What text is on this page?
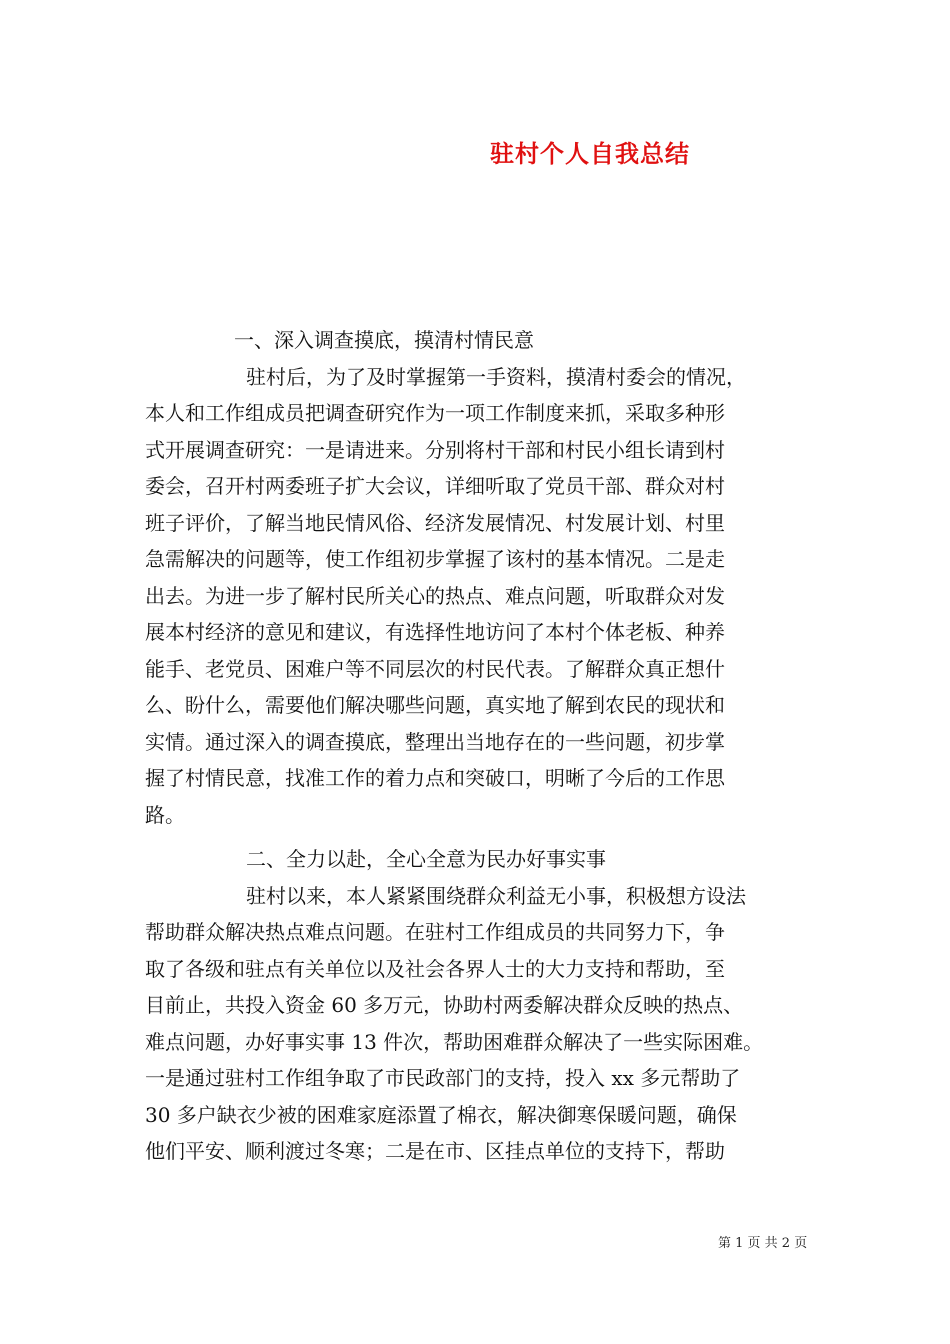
驻村个人自我总结
一、深入调查摸底，摸清村情民意
驻村后，为了及时掌握第一手资料，摸清村委会的情况，
本人和工作组成员把调查研究作为一项工作制度来抓，采取多种形
式开展调查研究：一是请进来。分别将村干部和村民小组长请到村
委会，召开村两委班子扩大会议，详细听取了党员干部、群众对村
班子评价，了解当地民情风俗、经济发展情况、村发展计划、村里
急需解决的问题等，使工作组初步掌握了该村的基本情况。二是走
出去。为进一步了解村民所关心的热点、难点问题，听取群众对发
展本村经济的意见和建议，有选择性地访问了本村个体老板、种养
能手、老党员、困难户等不同层次的村民代表。了解群众真正想什
么、盼什么，需要他们解决哪些问题，真实地了解到农民的现状和
实情。通过深入的调查摸底，整理出当地存在的一些问题，初步掌
握了村情民意，找准工作的着力点和突破口，明晰了今后的工作思
路。
二、全力以赴，全心全意为民办好事实事
驻村以来，本人紧紧围绕群众利益无小事，积极想方设法
帮助群众解决热点难点问题。在驻村工作组成员的共同努力下，争
取了各级和驻点有关单位以及社会各界人士的大力支持和帮助，至
目前止，共投入资金 60 多万元，协助村两委解决群众反映的热点、
难点问题，办好事实事 13 件次，帮助困难群众解决了一些实际困难。
一是通过驻村工作组争取了市民政部门的支持，投入 xx 多元帮助了
30 多户缺衣少被的困难家庭添置了棉衣，解决御寒保暖问题，确保
他们平安、顺利渡过冬寒；二是在市、区挂点单位的支持下，帮助
第 1 页 共 2 页
